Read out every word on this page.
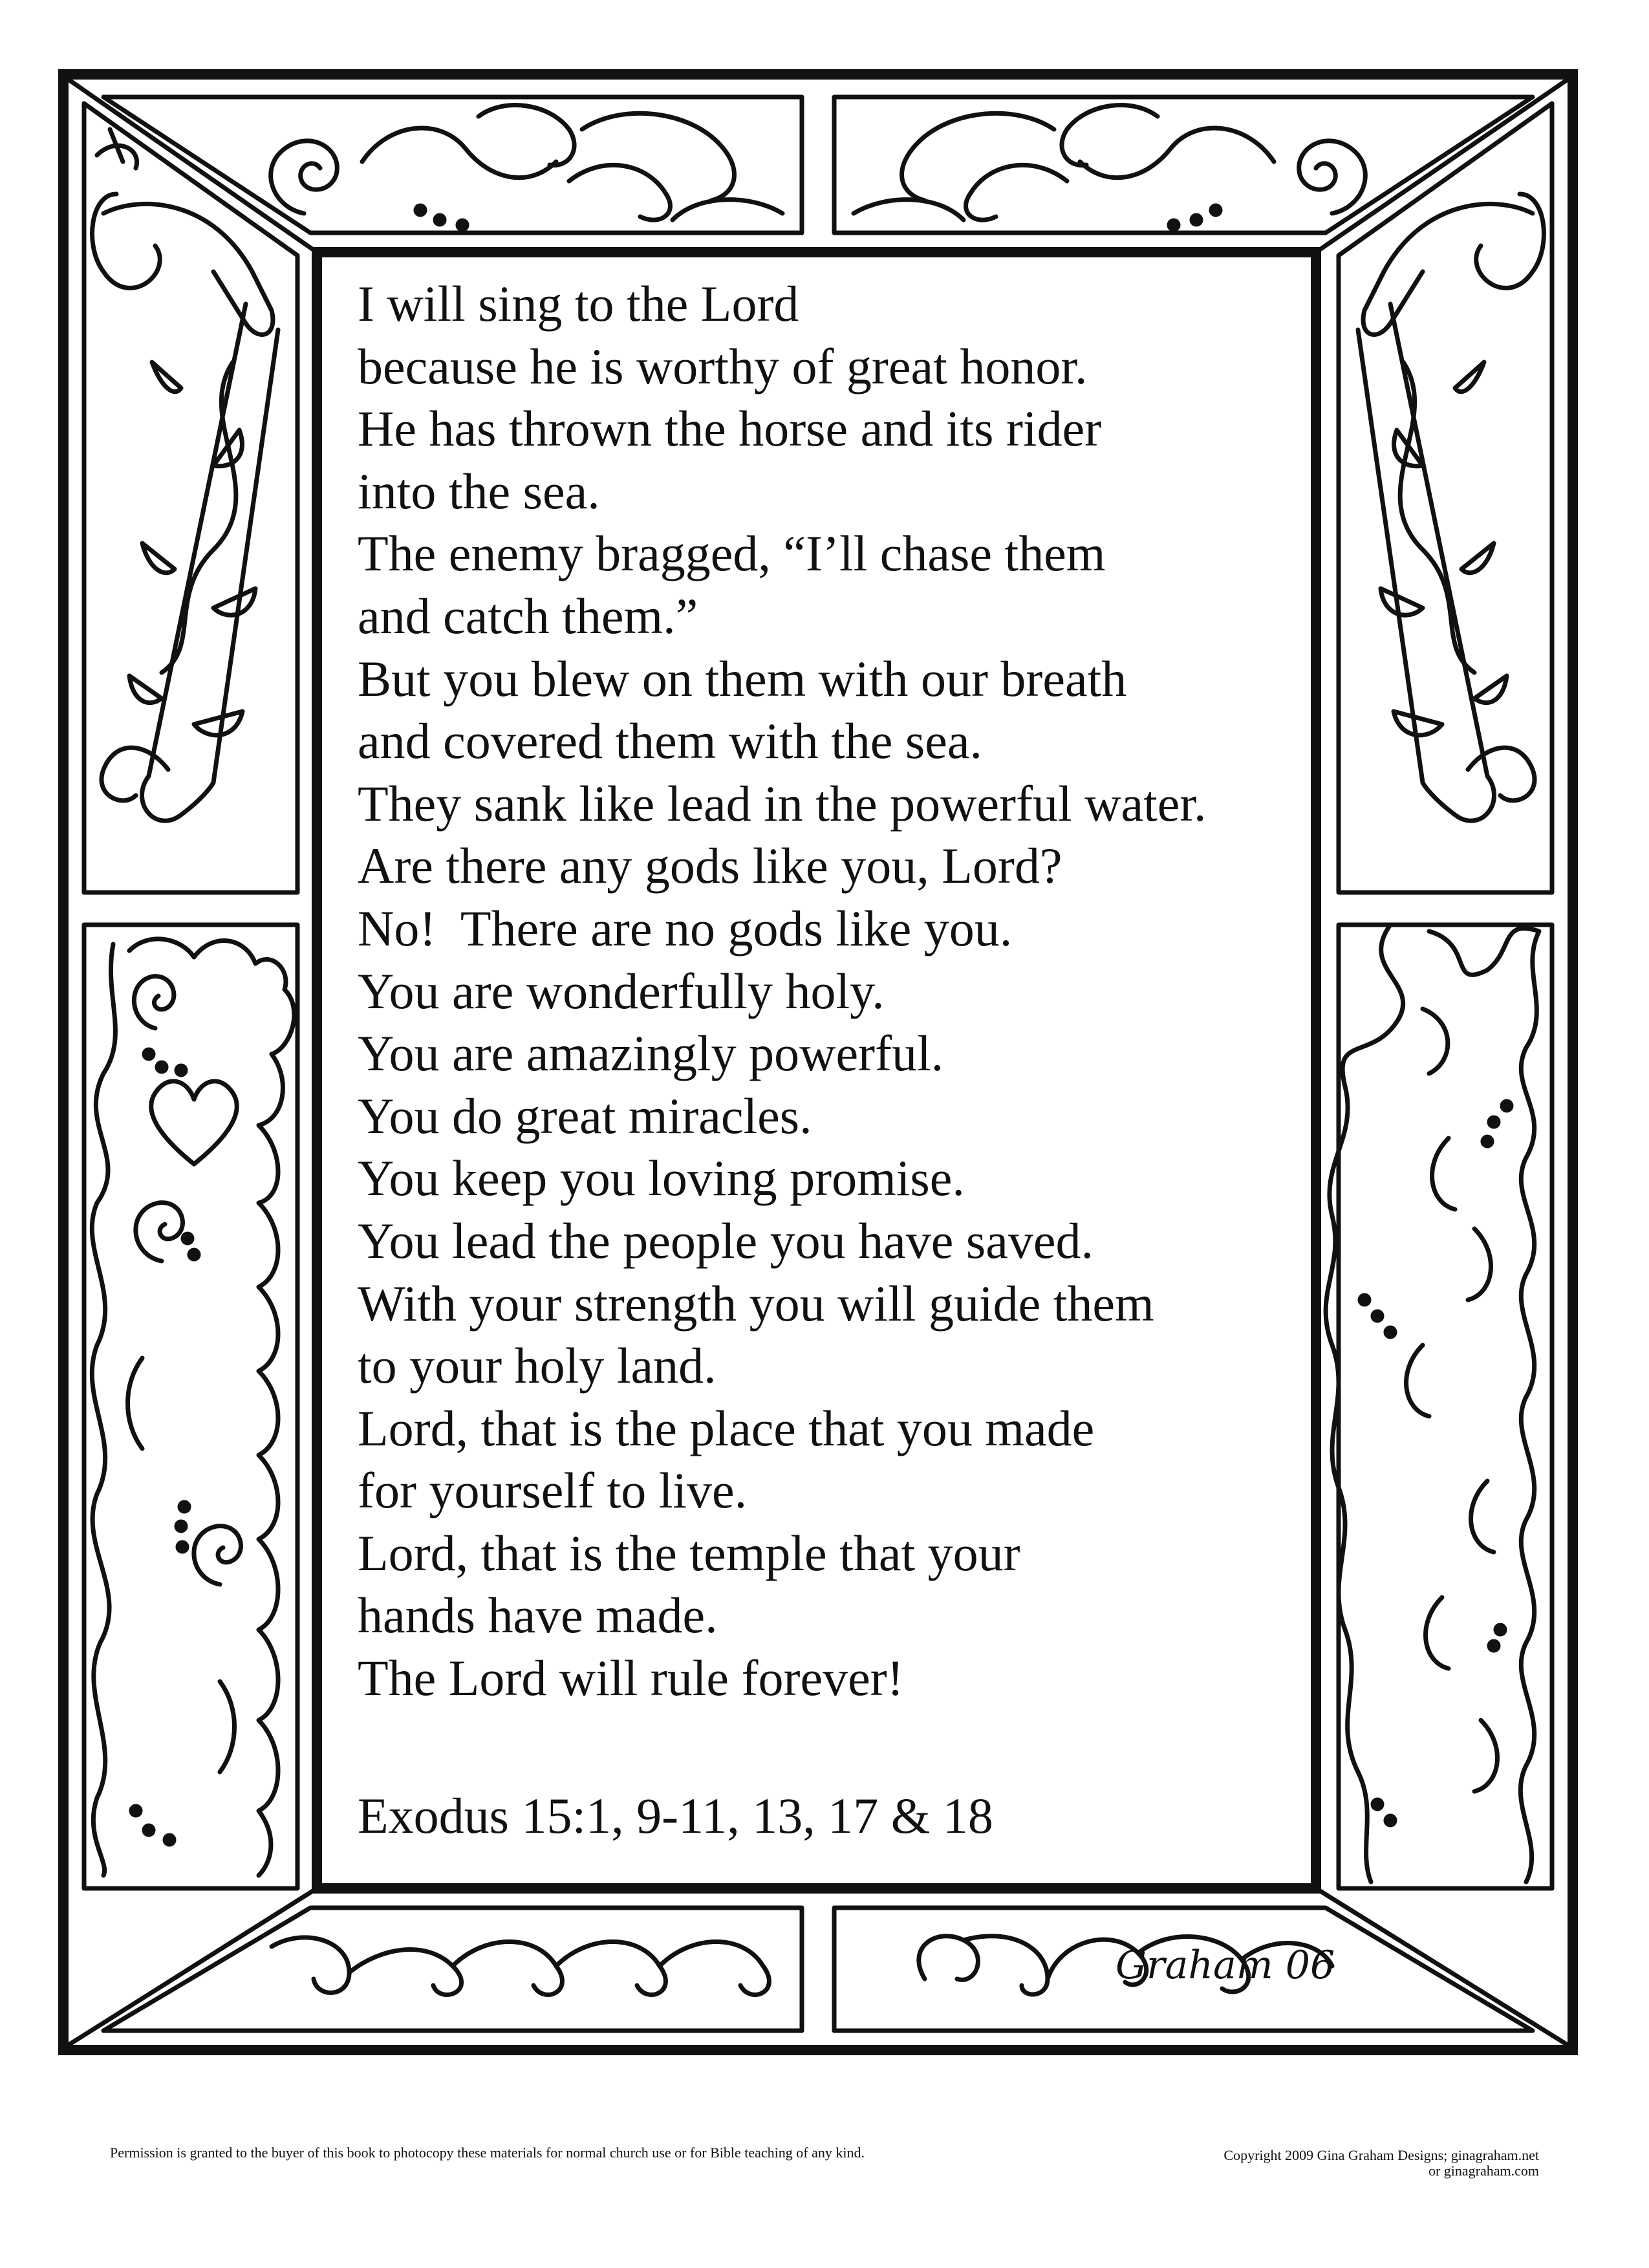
I will sing to the Lord
because he is worthy of great honor.
He has thrown the horse and its rider
into the sea.
The enemy bragged, “I’ll chase them
and catch them.”
But you blew on them with our breath
and covered them with the sea.
They sank like lead in the powerful water.
Are there any gods like you, Lord?
No!  There are no gods like you.
You are wonderfully holy.
You are amazingly powerful.
You do great miracles.
You keep you loving promise.
You lead the people you have saved.
With your strength you will guide them
to your holy land.
Lord, that is the place that you made
for yourself to live.
Lord, that is the temple that your
hands have made.
The Lord will rule forever!
Exodus 15:1, 9-11, 13, 17 & 18
Graham 06
Permission is granted to the buyer of this book to photocopy these materials for normal church use or for Bible teaching of any kind.	Copyright 2009 Gina Graham Designs; ginagraham.net
or ginagraham.com
